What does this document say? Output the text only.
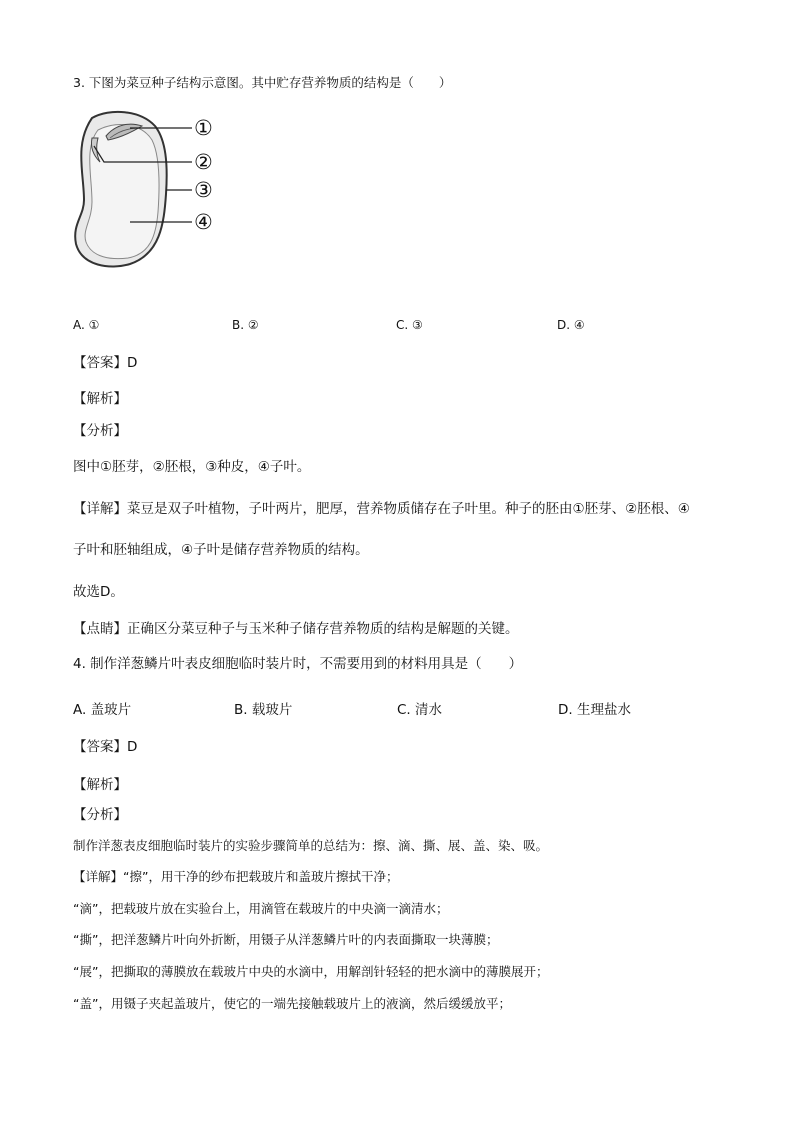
3. 下图为菜豆种子结构示意图。其中贮存营养物质的结构是（　　）
①
②
③
④
A. ①	B. ②	C. ③	D. ④
【答案】D
【解析】
【分析】
图中①胚芽，②胚根，③种皮，④子叶。
【详解】菜豆是双子叶植物，子叶两片，肥厚，营养物质储存在子叶里。种子的胚由①胚芽、②胚根、④
子叶和胚轴组成，④子叶是储存营养物质的结构。
故选D。
【点睛】正确区分菜豆种子与玉米种子储存营养物质的结构是解题的关键。
4. 制作洋葱鳞片叶表皮细胞临时装片时，不需要用到的材料用具是（　　）
A. 盖玻片	B. 载玻片	C. 清水	D. 生理盐水
【答案】D
【解析】
【分析】
制作洋葱表皮细胞临时装片的实验步骤简单的总结为：擦、滴、撕、展、盖、染、吸。
【详解】“擦”，用干净的纱布把载玻片和盖玻片擦拭干净；
“滴”，把载玻片放在实验台上，用滴管在载玻片的中央滴一滴清水；
“撕”，把洋葱鳞片叶向外折断，用镊子从洋葱鳞片叶的内表面撕取一块薄膜；
“展”，把撕取的薄膜放在载玻片中央的水滴中，用解剖针轻轻的把水滴中的薄膜展开；
“盖”，用镊子夹起盖玻片，使它的一端先接触载玻片上的液滴，然后缓缓放平；
